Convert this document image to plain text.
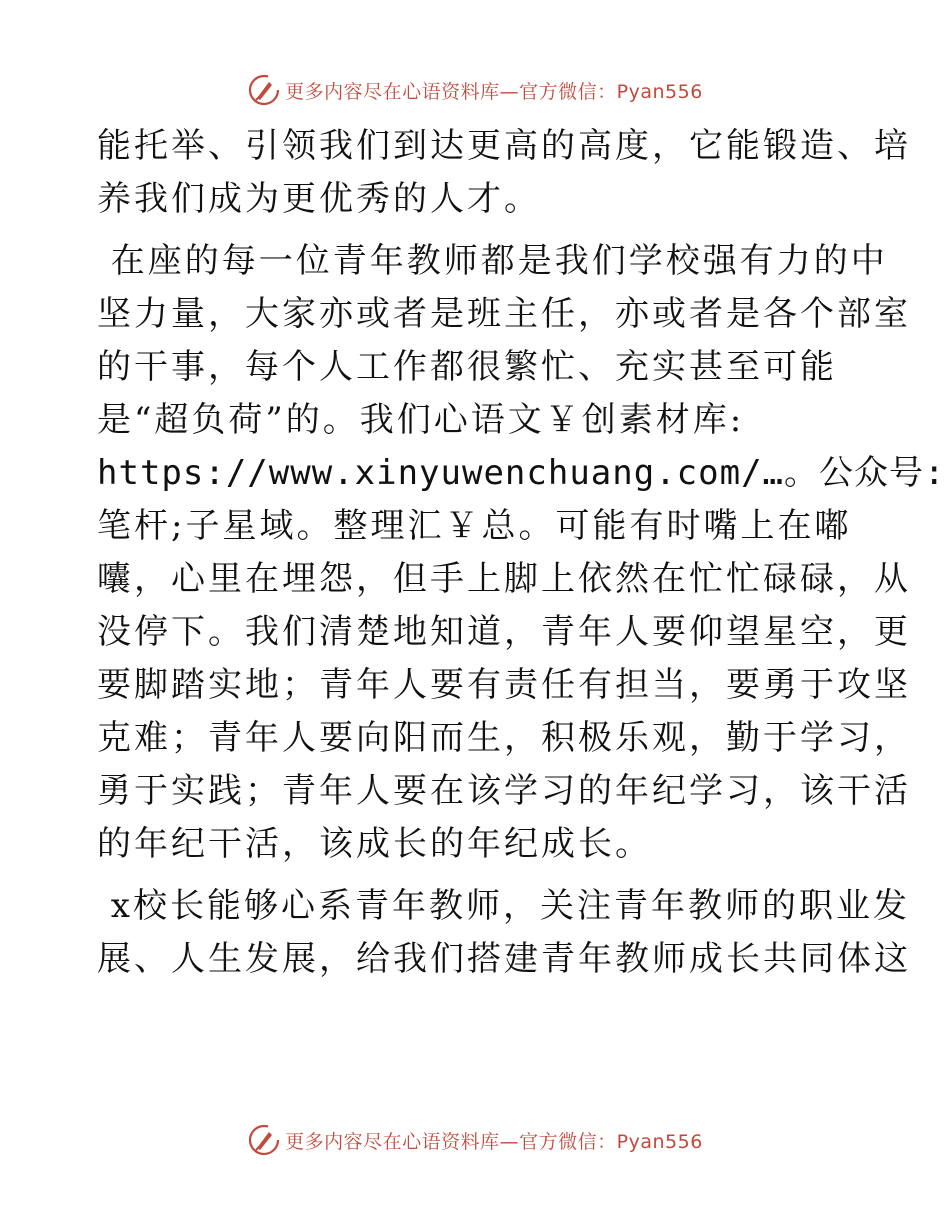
更多内容尽在心语资料库—官方微信：Pyan556
能托举、引领我们到达更高的高度，它能锻造、培
养我们成为更优秀的人才。
在座的每一位青年教师都是我们学校强有力的中
坚力量，大家亦或者是班主任，亦或者是各个部室
的干事，每个人工作都很繁忙、充实甚至可能
是“超负荷”的。我们心语文￥创素材库:
https://www.xinyuwenchuang.com/…。公众号:
笔杆;子星域。整理汇￥总。可能有时嘴上在嘟
囔，心里在埋怨，但手上脚上依然在忙忙碌碌，从
没停下。我们清楚地知道，青年人要仰望星空，更
要脚踏实地；青年人要有责任有担当，要勇于攻坚
克难；青年人要向阳而生，积极乐观，勤于学习，
勇于实践；青年人要在该学习的年纪学习，该干活
的年纪干活，该成长的年纪成长。
x校长能够心系青年教师，关注青年教师的职业发
展、人生发展，给我们搭建青年教师成长共同体这
更多内容尽在心语资料库—官方微信：Pyan556
